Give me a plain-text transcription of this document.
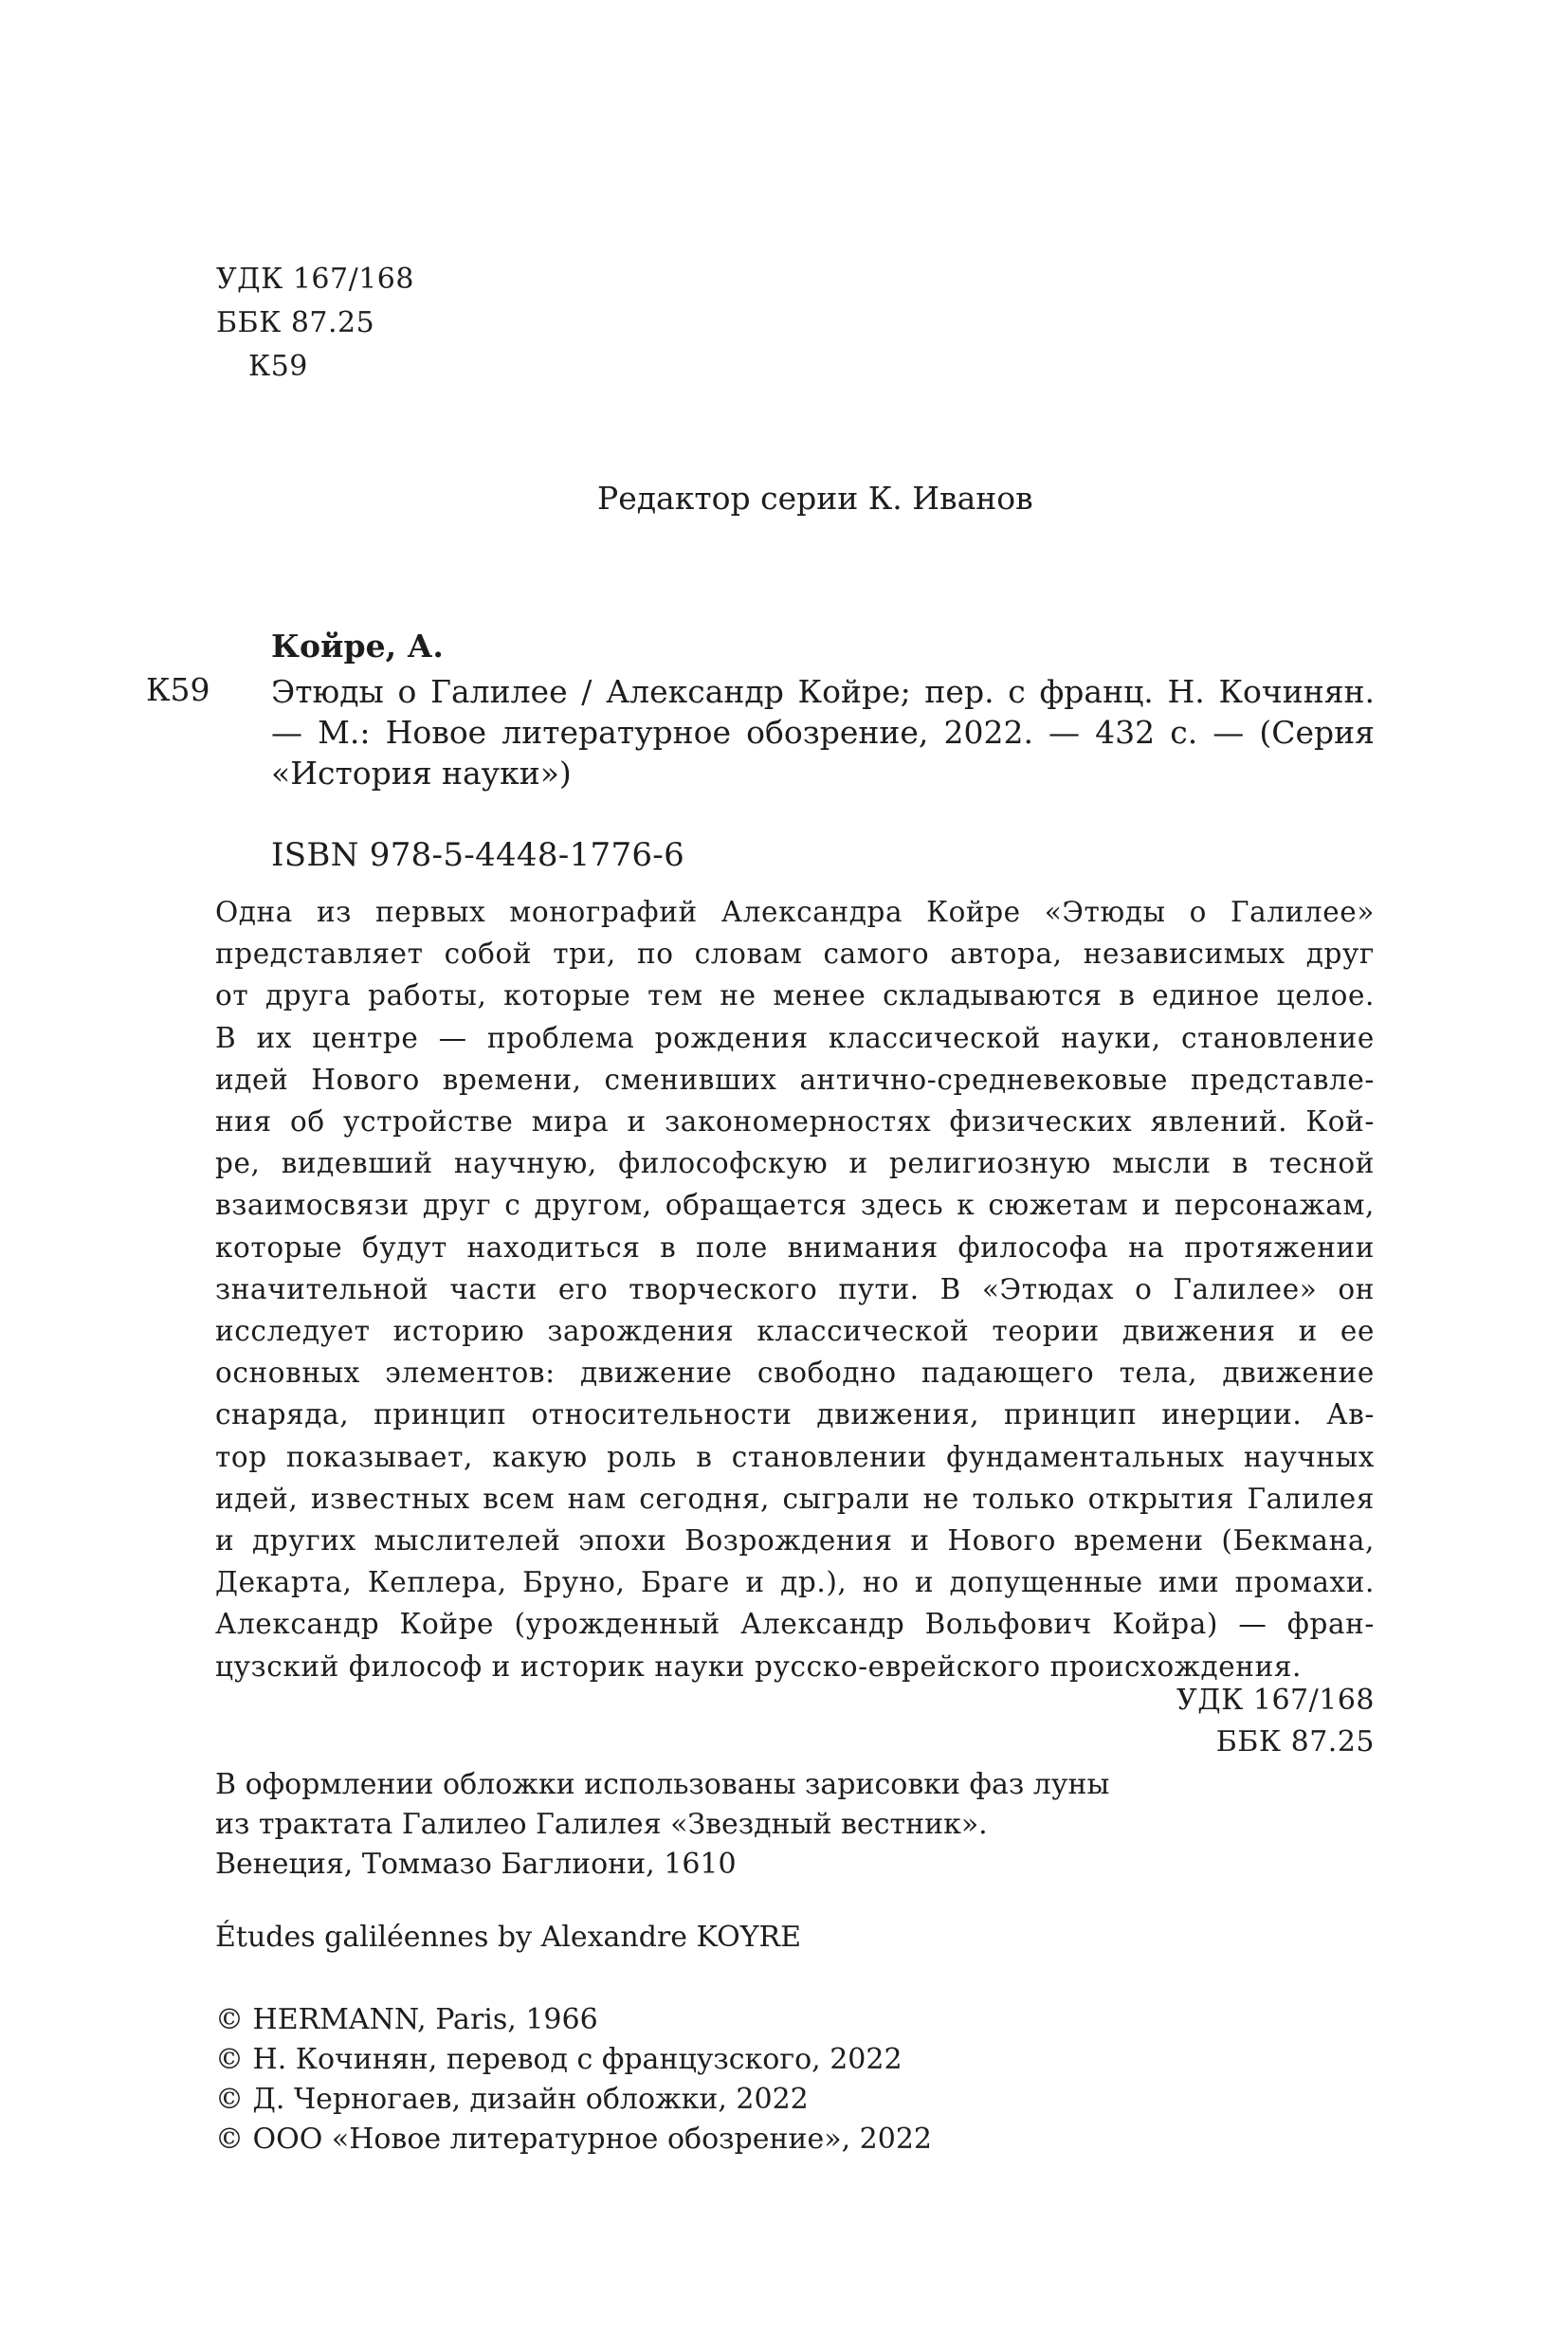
УДК 167/168
ББК 87.25
К59
Редактор серии К. Иванов
Койре, А.
К59 Этюды о Галилее / Александр Койре; пер. с франц. Н. Кочинян. — М.: Новое литературное обозрение, 2022. — 432 с. — (Серия «История науки»)
ISBN 978-5-4448-1776-6
Одна из первых монографий Александра Койре «Этюды о Галилее»
представляет собой три, по словам самого автора, независимых друг
от друга работы, которые тем не менее складываются в единое целое.
В их центре — проблема рождения классической науки, становление
идей Нового времени, сменивших антично-средневековые представле-
ния об устройстве мира и закономерностях физических явлений. Кой-
ре, видевший научную, философскую и религиозную мысли в тесной
взаимосвязи друг с другом, обращается здесь к сюжетам и персонажам,
которые будут находиться в поле внимания философа на протяжении
значительной части его творческого пути. В «Этюдах о Галилее» он
исследует историю зарождения классической теории движения и ее
основных элементов: движение свободно падающего тела, движение
снаряда, принцип относительности движения, принцип инерции. Ав-
тор показывает, какую роль в становлении фундаментальных научных
идей, известных всем нам сегодня, сыграли не только открытия Галилея
и других мыслителей эпохи Возрождения и Нового времени (Бекмана,
Декарта, Кеплера, Бруно, Браге и др.), но и допущенные ими промахи.
Александр Койре (урожденный Александр Вольфович Койра) — фран-
цузский философ и историк науки русско-еврейского происхождения.
УДК 167/168
ББК 87.25
В оформлении обложки использованы зарисовки фаз луны
из трактата Галилео Галилея «Звездный вестник».
Венеция, Томмазо Баглиони, 1610
Études galiléennes by Alexandre KOYRE
© HERMANN, Paris, 1966
© Н. Кочинян, перевод с французского, 2022
© Д. Черногаев, дизайн обложки, 2022
© ООО «Новое литературное обозрение», 2022
